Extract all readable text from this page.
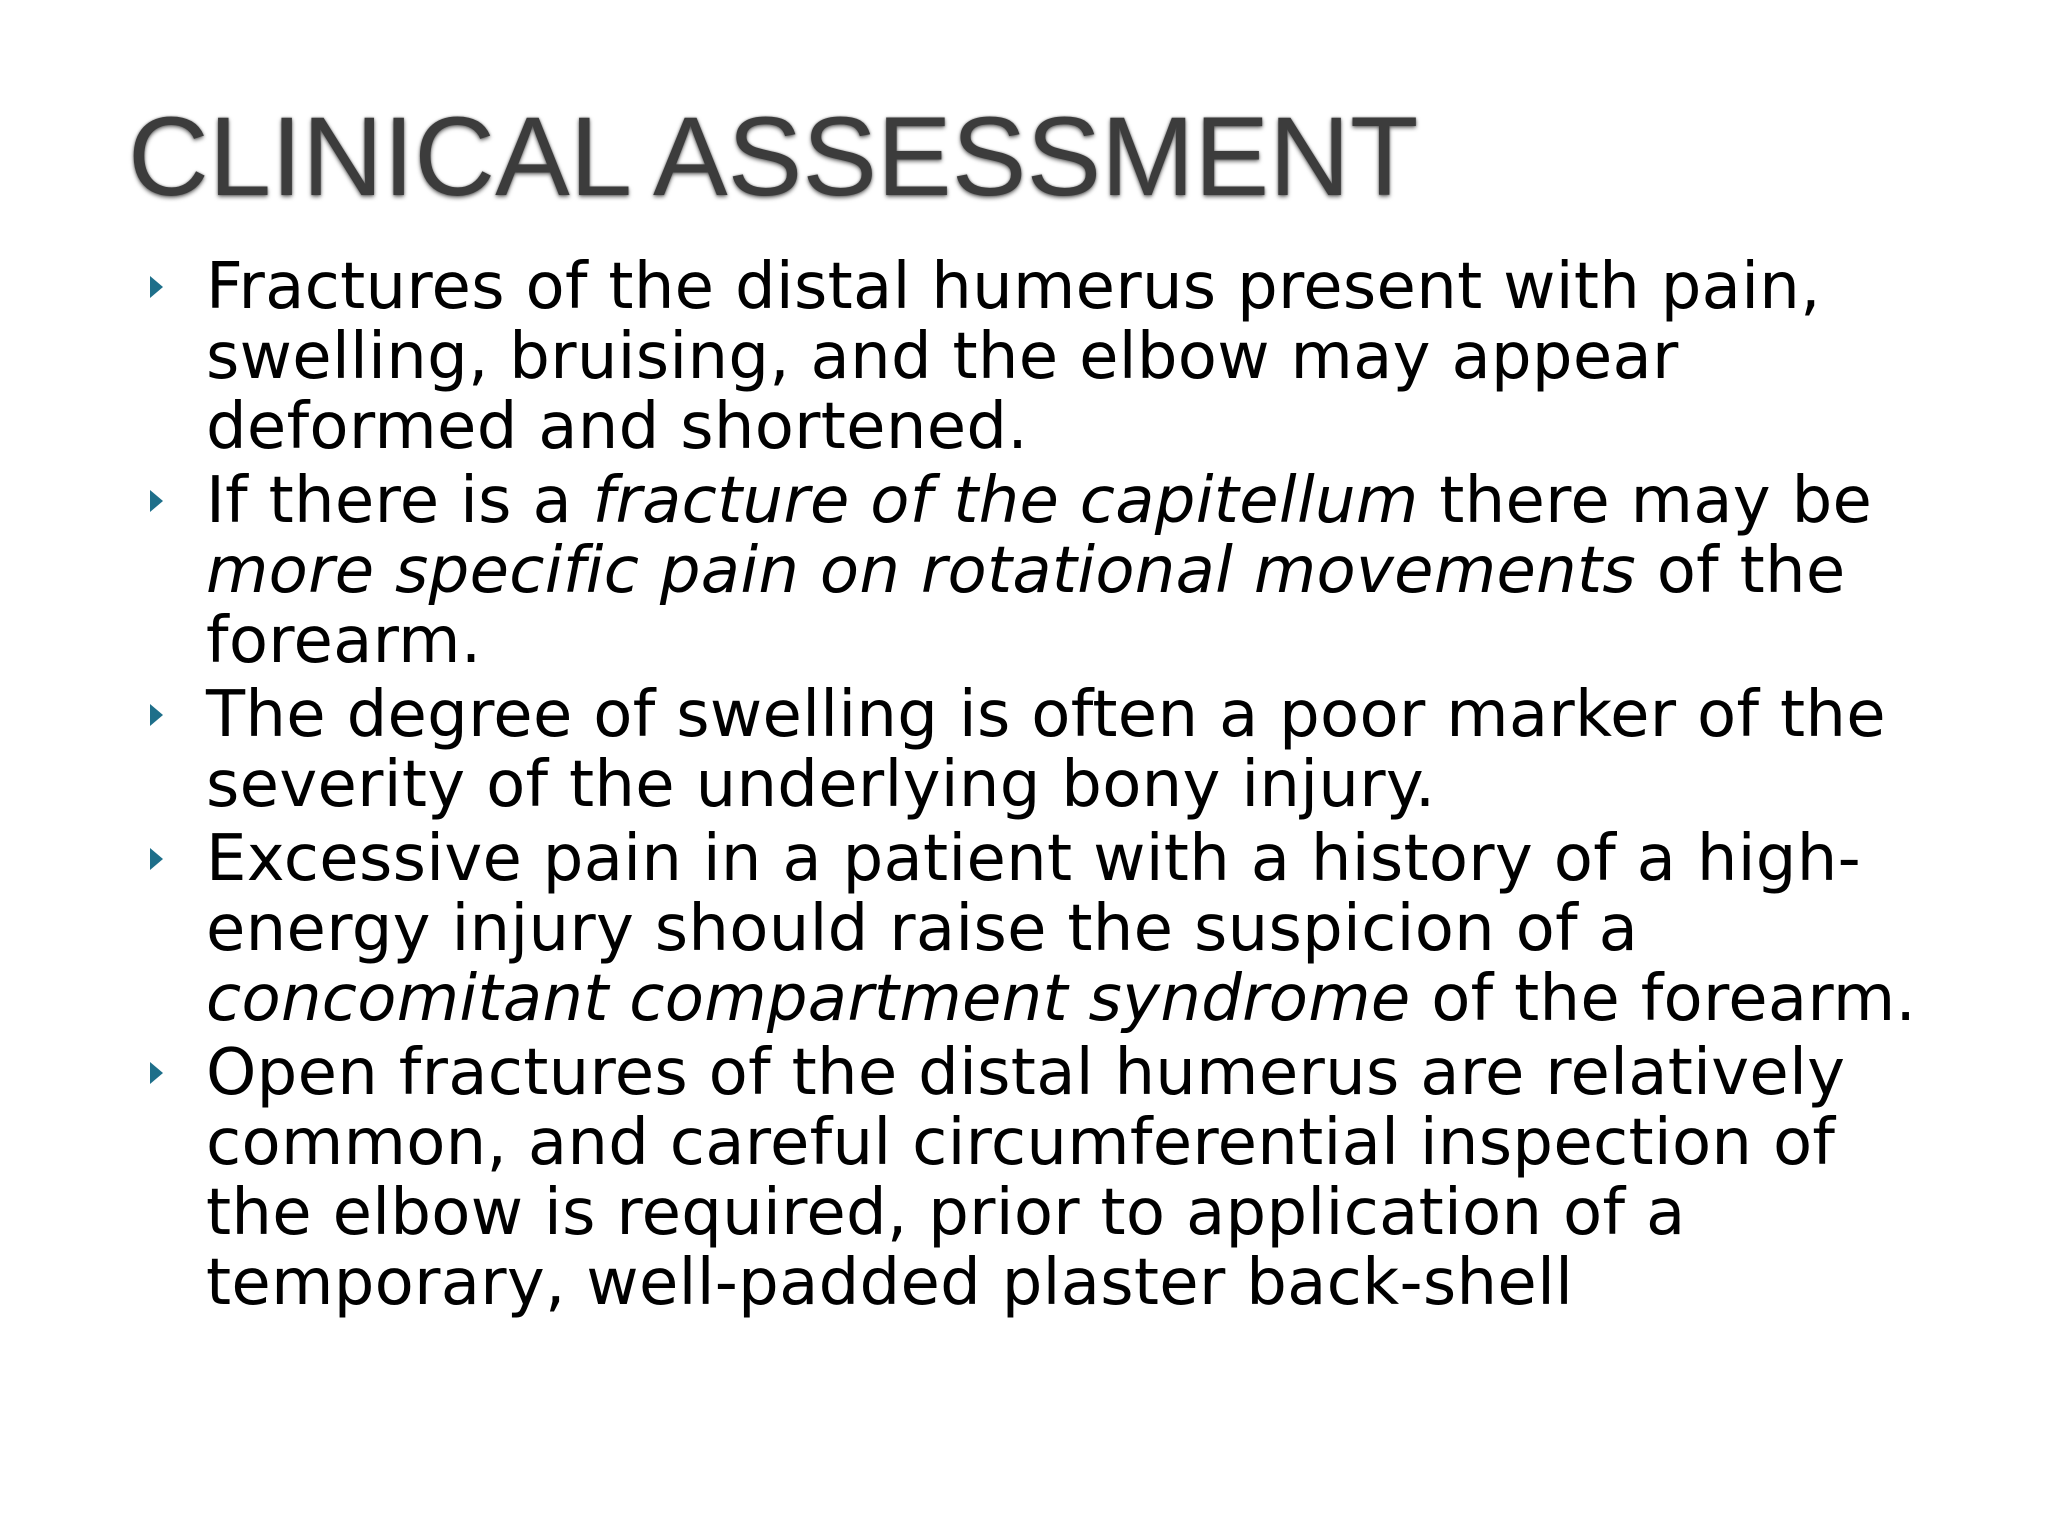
CLINICAL ASSESSMENT
Fractures of the distal humerus present with pain, swelling, bruising, and the elbow may appear deformed and shortened.
If there is a fracture of the capitellum there may be more specific pain on rotational movements of the forearm.
The degree of swelling is often a poor marker of the severity of the underlying bony injury.
Excessive pain in a patient with a history of a high-energy injury should raise the suspicion of a concomitant compartment syndrome of the forearm.
Open fractures of the distal humerus are relatively common, and careful circumferential inspection of the elbow is required, prior to application of a temporary, well-padded plaster back-shell
